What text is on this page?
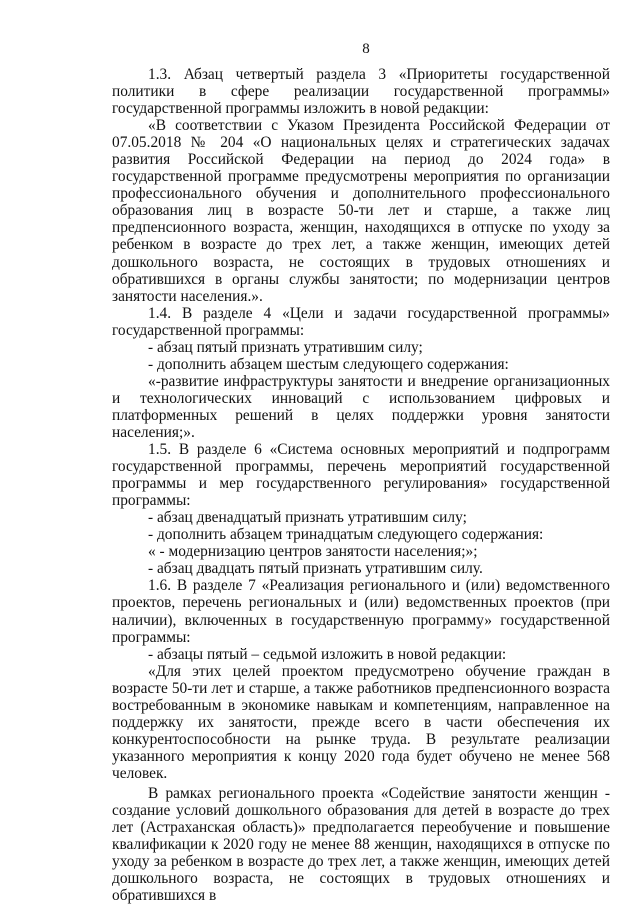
8

1.3. Абзац четвертый раздела 3 «Приоритеты государственной политики в сфере реализации государственной программы» государственной программы изложить в новой редакции:

«В соответствии с Указом Президента Российской Федерации от 07.05.2018 № 204 «О национальных целях и стратегических задачах развития Российской Федерации на период до 2024 года» в государственной программе предусмотрены мероприятия по организации профессионального обучения и дополнительного профессионального образования лиц в возрасте 50-ти лет и старше, а также лиц предпенсионного возраста, женщин, находящихся в отпуске по уходу за ребенком в возрасте до трех лет, а также женщин, имеющих детей дошкольного возраста, не состоящих в трудовых отношениях и обратившихся в органы службы занятости; по модернизации центров занятости населения.».

1.4. В разделе 4 «Цели и задачи государственной программы» государственной программы:

- абзац пятый признать утратившим силу;

- дополнить абзацем шестым следующего содержания:

«-развитие инфраструктуры занятости и внедрение организационных и технологических инноваций с использованием цифровых и платформенных решений в целях поддержки уровня занятости населения;».

1.5. В разделе 6 «Система основных мероприятий и подпрограмм государственной программы, перечень мероприятий государственной программы и мер государственного регулирования» государственной программы:

- абзац двенадцатый признать утратившим силу;

- дополнить абзацем тринадцатым следующего содержания:

« - модернизацию центров занятости населения;»;

- абзац двадцать пятый признать утратившим силу.

1.6. В разделе 7 «Реализация регионального и (или) ведомственного проектов, перечень региональных и (или) ведомственных проектов (при наличии), включенных в государственную программу» государственной программы:

- абзацы пятый – седьмой изложить в новой редакции:

«Для этих целей проектом предусмотрено обучение граждан в возрасте 50-ти лет и старше, а также работников предпенсионного возраста востребованным в экономике навыкам и компетенциям, направленное на поддержку их занятости, прежде всего в части обеспечения их конкурентоспособности на рынке труда. В результате реализации указанного мероприятия к концу 2020 года будет обучено не менее 568 человек.

В рамках регионального проекта «Содействие занятости женщин - создание условий дошкольного образования для детей в возрасте до трех лет (Астраханская область)» предполагается переобучение и повышение квалификации к 2020 году не менее 88 женщин, находящихся в отпуске по уходу за ребенком в возрасте до трех лет, а также женщин, имеющих детей дошкольного возраста, не состоящих в трудовых отношениях и обратившихся в
